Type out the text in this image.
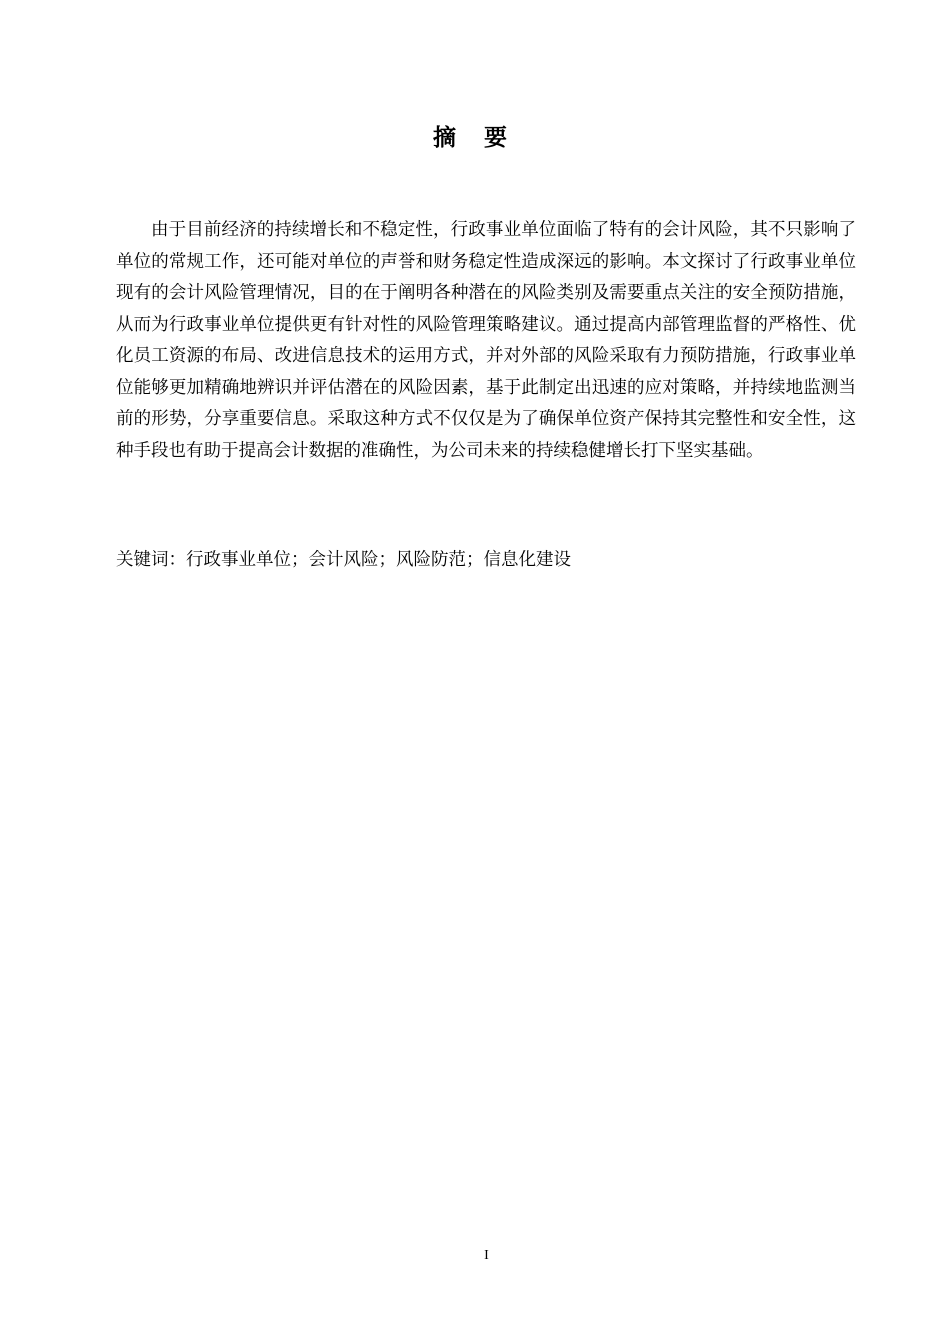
摘要

由于目前经济的持续增长和不稳定性，行政事业单位面临了特有的会计风险，其不只影响了单位的常规工作，还可能对单位的声誉和财务稳定性造成深远的影响。本文探讨了行政事业单位现有的会计风险管理情况，目的在于阐明各种潜在的风险类别及需要重点关注的安全预防措施，从而为行政事业单位提供更有针对性的风险管理策略建议。通过提高内部管理监督的严格性、优化员工资源的布局、改进信息技术的运用方式，并对外部的风险采取有力预防措施，行政事业单位能够更加精确地辨识并评估潜在的风险因素，基于此制定出迅速的应对策略，并持续地监测当前的形势，分享重要信息。采取这种方式不仅仅是为了确保单位资产保持其完整性和安全性，这种手段也有助于提高会计数据的准确性，为公司未来的持续稳健增长打下坚实基础。

关键词：行政事业单位；会计风险；风险防范；信息化建设

I
